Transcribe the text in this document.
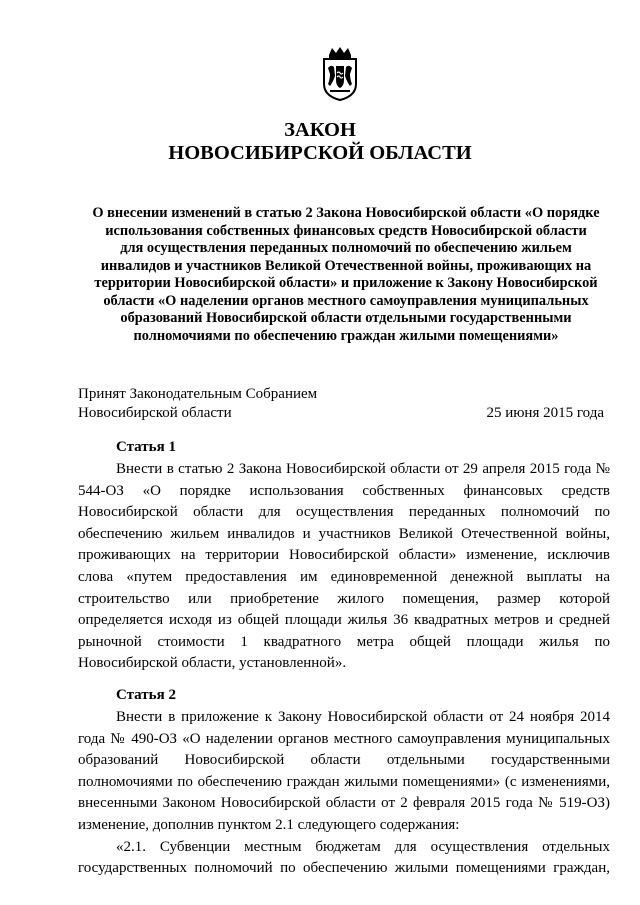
ЗАКОН
НОВОСИБИРСКОЙ ОБЛАСТИ
О внесении изменений в статью 2 Закона Новосибирской области «О порядке
использования собственных финансовых средств Новосибирской области
для осуществления переданных полномочий по обеспечению жильем
инвалидов и участников Великой Отечественной войны, проживающих на
территории Новосибирской области» и приложение к Закону Новосибирской
области «О наделении органов местного самоуправления муниципальных
образований Новосибирской области отдельными государственными
полномочиями по обеспечению граждан жилыми помещениями»
Принят Законодательным Собранием
Новосибирской области	25 июня 2015 года
Статья 1
Внести в статью 2 Закона Новосибирской области от 29 апреля 2015 года №
544-ОЗ «О порядке использования собственных финансовых средств
Новосибирской области для осуществления переданных полномочий по
обеспечению жильем инвалидов и участников Великой Отечественной войны,
проживающих на территории Новосибирской области» изменение, исключив
слова «путем предоставления им единовременной денежной выплаты на
строительство или приобретение жилого помещения, размер которой
определяется исходя из общей площади жилья 36 квадратных метров и средней
рыночной стоимости 1 квадратного метра общей площади жилья по
Новосибирской области, установленной».
Статья 2
Внести в приложение к Закону Новосибирской области от 24 ноября 2014
года № 490-ОЗ «О наделении органов местного самоуправления муниципальных
образований Новосибирской области отдельными государственными
полномочиями по обеспечению граждан жилыми помещениями» (с изменениями,
внесенными Законом Новосибирской области от 2 февраля 2015 года № 519-ОЗ)
изменение, дополнив пунктом 2.1 следующего содержания:
«2.1. Субвенции местным бюджетам для осуществления отдельных
государственных полномочий по обеспечению жилыми помещениями граждан,
